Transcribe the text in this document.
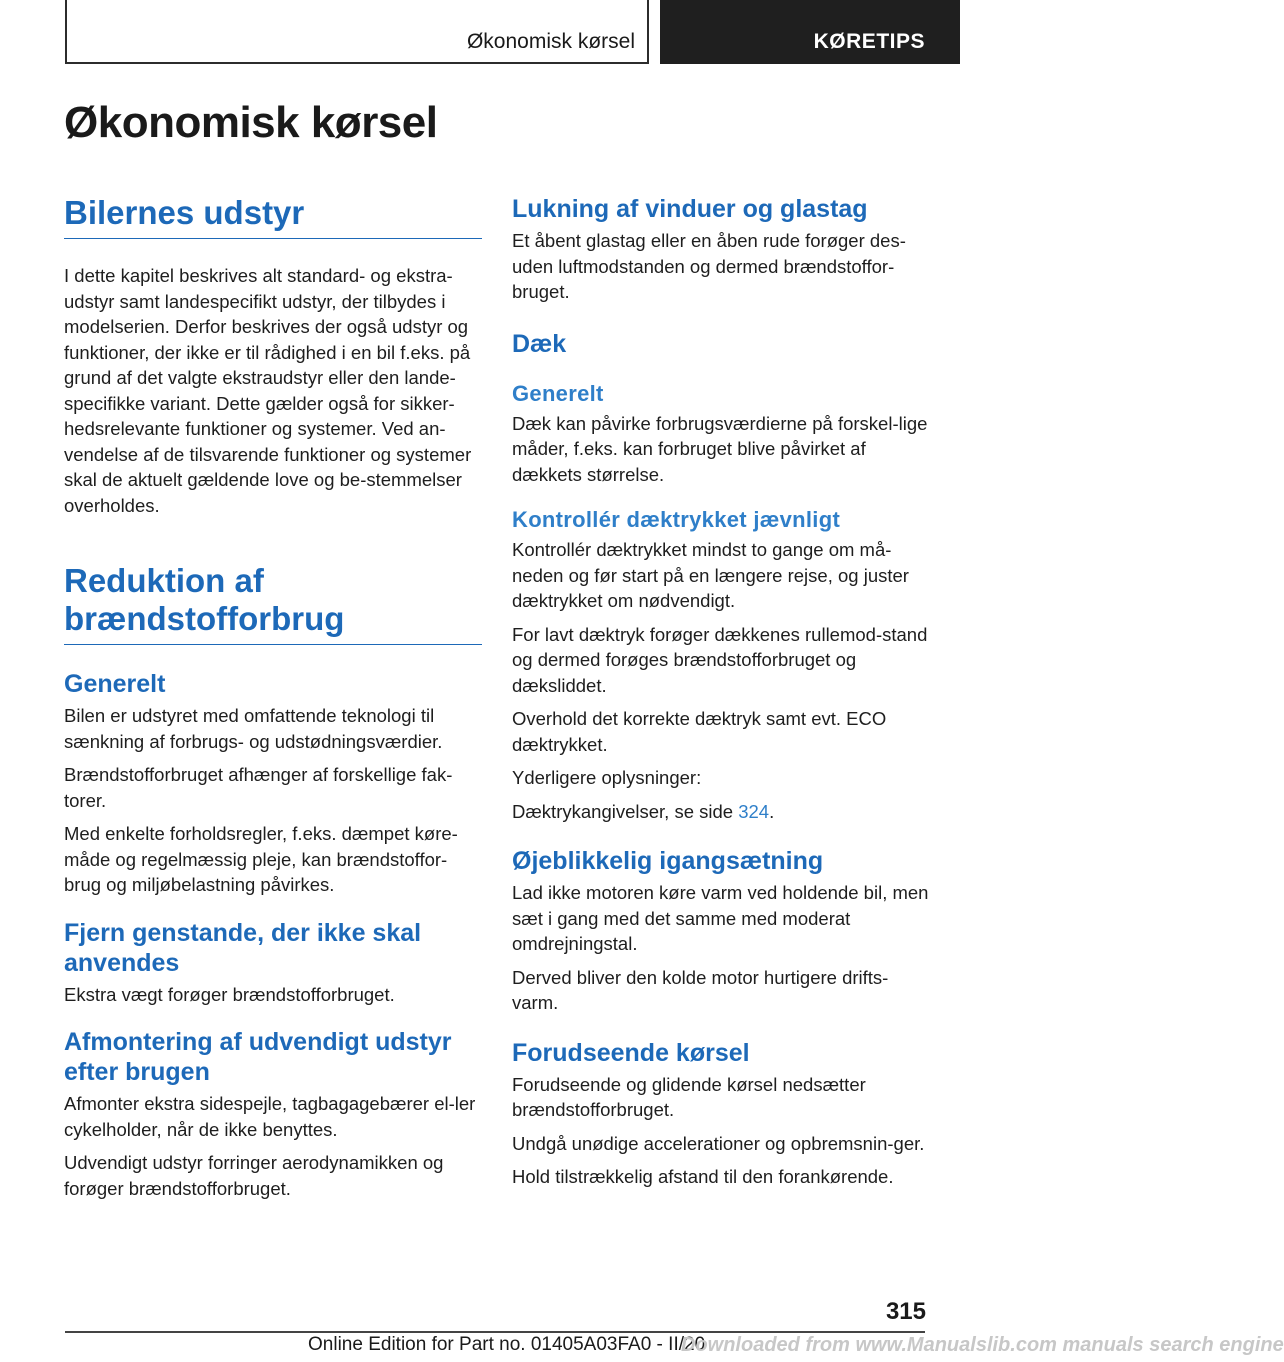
Økonomisk kørsel	KØRETIPS
Økonomisk kørsel
Bilernes udstyr

I dette kapitel beskrives alt standard- og ekstra-udstyr samt landespecifikt udstyr, der tilbydes i modelserien. Derfor beskrives der også udstyr og funktioner, der ikke er til rådighed i en bil f.eks. på grund af det valgte ekstraudstyr eller den lande-specifikke variant. Dette gælder også for sikker-hedsrelevante funktioner og systemer. Ved an-vendelse af de tilsvarende funktioner og systemer skal de aktuelt gældende love og be-stemmelser overholdes.

Reduktion af
brændstofforbrug
Generelt

Bilen er udstyret med omfattende teknologi til sænkning af forbrugs- og udstødningsværdier.

Brændstofforbruget afhænger af forskellige fak-torer.

Med enkelte forholdsregler, f.eks. dæmpet køre-måde og regelmæssig pleje, kan brændstoffor-brug og miljøbelastning påvirkes.

Fjern genstande, der ikke skal anvendes

Ekstra vægt forøger brændstofforbruget.

Afmontering af udvendigt udstyr efter brugen

Afmonter ekstra sidespejle, tagbagagebærer el-ler cykelholder, når de ikke benyttes.

Udvendigt udstyr forringer aerodynamikken og forøger brændstofforbruget.

Lukning af vinduer og glastag

Et åbent glastag eller en åben rude forøger des-uden luftmodstanden og dermed brændstoffor-bruget.

Dæk
Generelt

Dæk kan påvirke forbrugsværdierne på forskel-lige måder, f.eks. kan forbruget blive påvirket af dækkets størrelse.

Kontrollér dæktrykket jævnligt

Kontrollér dæktrykket mindst to gange om må-neden og før start på en længere rejse, og juster dæktrykket om nødvendigt.

For lavt dæktryk forøger dækkenes rullemod-stand og dermed forøges brændstofforbruget og dæksliddet.

Overhold det korrekte dæktryk samt evt. ECO dæktrykket.

Yderligere oplysninger:

Dæktrykangivelser, se side 324.

Øjeblikkelig igangsætning

Lad ikke motoren køre varm ved holdende bil, men sæt i gang med det samme med moderat omdrejningstal.

Derved bliver den kolde motor hurtigere drifts-varm.

Forudseende kørsel

Forudseende og glidende kørsel nedsætter brændstofforbruget.

Undgå unødige accelerationer og opbremsnin-ger.

Hold tilstrækkelig afstand til den forankørende.

315
Online Edition for Part no. 01405A03FA0 - II/20
Downloaded from www.Manualslib.com manuals search engine
